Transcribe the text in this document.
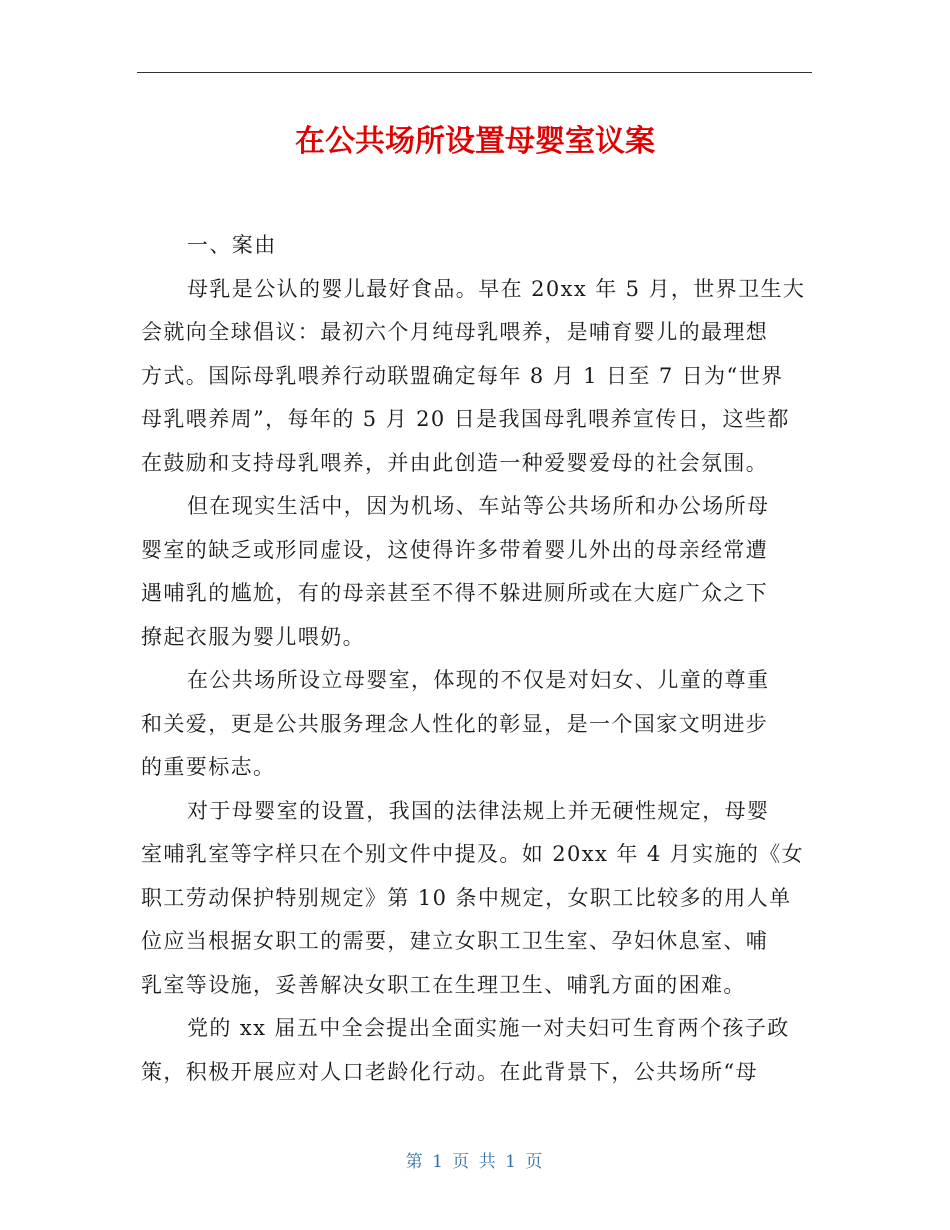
在公共场所设置母婴室议案
一、案由
母乳是公认的婴儿最好食品。早在 20xx 年 5 月，世界卫生大
会就向全球倡议：最初六个月纯母乳喂养，是哺育婴儿的最理想
方式。国际母乳喂养行动联盟确定每年 8 月 1 日至 7 日为“世界
母乳喂养周”，每年的 5 月 20 日是我国母乳喂养宣传日，这些都
在鼓励和支持母乳喂养，并由此创造一种爱婴爱母的社会氛围。
但在现实生活中，因为机场、车站等公共场所和办公场所母
婴室的缺乏或形同虚设，这使得许多带着婴儿外出的母亲经常遭
遇哺乳的尴尬，有的母亲甚至不得不躲进厕所或在大庭广众之下
撩起衣服为婴儿喂奶。
在公共场所设立母婴室，体现的不仅是对妇女、儿童的尊重
和关爱，更是公共服务理念人性化的彰显，是一个国家文明进步
的重要标志。
对于母婴室的设置，我国的法律法规上并无硬性规定，母婴
室哺乳室等字样只在个别文件中提及。如 20xx 年 4 月实施的《女
职工劳动保护特别规定》第 10 条中规定，女职工比较多的用人单
位应当根据女职工的需要，建立女职工卫生室、孕妇休息室、哺
乳室等设施，妥善解决女职工在生理卫生、哺乳方面的困难。
党的 xx 届五中全会提出全面实施一对夫妇可生育两个孩子政
策，积极开展应对人口老龄化行动。在此背景下，公共场所“母
第 1 页 共 1 页
